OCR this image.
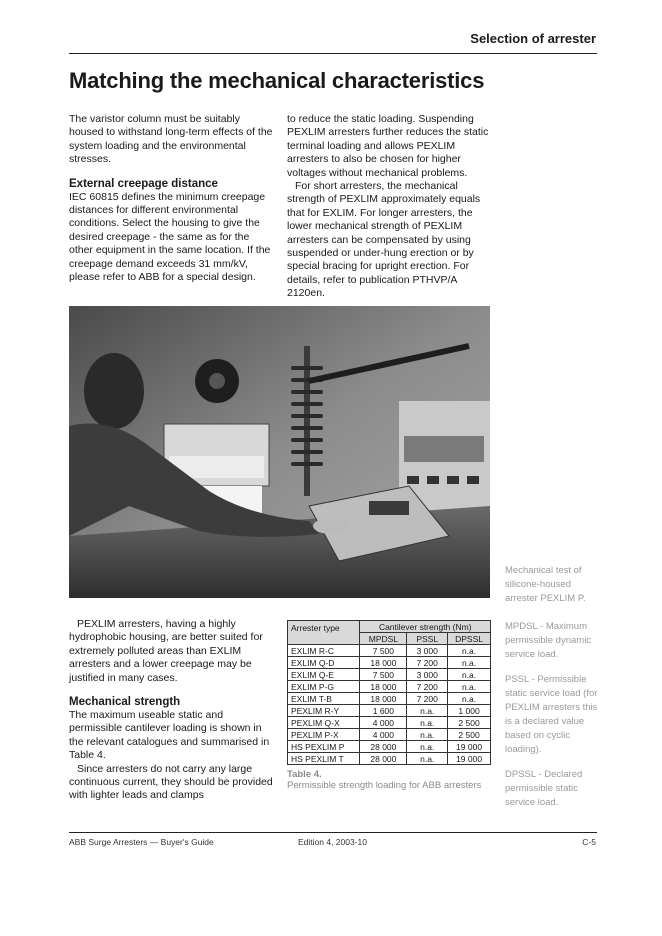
Selection of arrester
Matching the mechanical characteristics

The varistor column must be suitably housed to withstand long-term effects of the system loading and the environmental stresses.

External creepage distance

IEC 60815 defines the minimum creepage distances for different environmental conditions. Select the housing to give the desired creepage - the same as for the other equipment in the same location. If the creepage demand exceeds 31 mm/kV, please refer to ABB for a special design.

to reduce the static loading. Suspending PEXLIM arresters further reduces the static terminal loading and allows PEXLIM arresters to also be chosen for higher voltages without mechanical problems.

For short arresters, the mechanical strength of PEXLIM approximately equals that for EXLIM. For longer arresters, the lower mechanical strength of PEXLIM arresters can be compensated by using suspended or under-hung erection or by special bracing for upright erection. For details, refer to publication PTHVP/A 2120en.

Mechanical test of silicone-housed arrester PEXLIM P.

MPDSL - Maximum permissible dynamic service load.

PSSL - Permissible static service load (for PEXLIM arresters this is a declared value based on cyclic loading).

DPSSL - Declared permissible static service load.

PEXLIM arresters, having a highly hydrophobic housing, are better suited for extremely polluted areas than EXLIM arresters and a lower creepage may be justified in many cases.

Mechanical strength

The maximum useable static and permissible cantilever loading is shown in the relevant catalogues and summarised in Table 4.

Since arresters do not carry any large continuous current, they should be provided with lighter leads and clamps

Arrester type	Cantilever strength (Nm)		
	MPDSL	PSSL	DPSSL
EXLIM R-C	7 500	3 000	n.a.
EXLIM Q-D	18 000	7 200	n.a.
EXLIM Q-E	7 500	3 000	n.a.
EXLIM P-G	18 000	7 200	n.a.
EXLIM T-B	18 000	7 200	n.a.
PEXLIM R-Y	1 600	n.a.	1 000
PEXLIM Q-X	4 000	n.a.	2 500
PEXLIM P-X	4 000	n.a.	2 500
HS PEXLIM P	28 000	n.a.	19 000
HS PEXLIM T	28 000	n.a.	19 000
Table 4.
Permissible strength loading for ABB arresters
ABB Surge Arresters — Buyer's Guide	Edition 4, 2003-10	C-5
